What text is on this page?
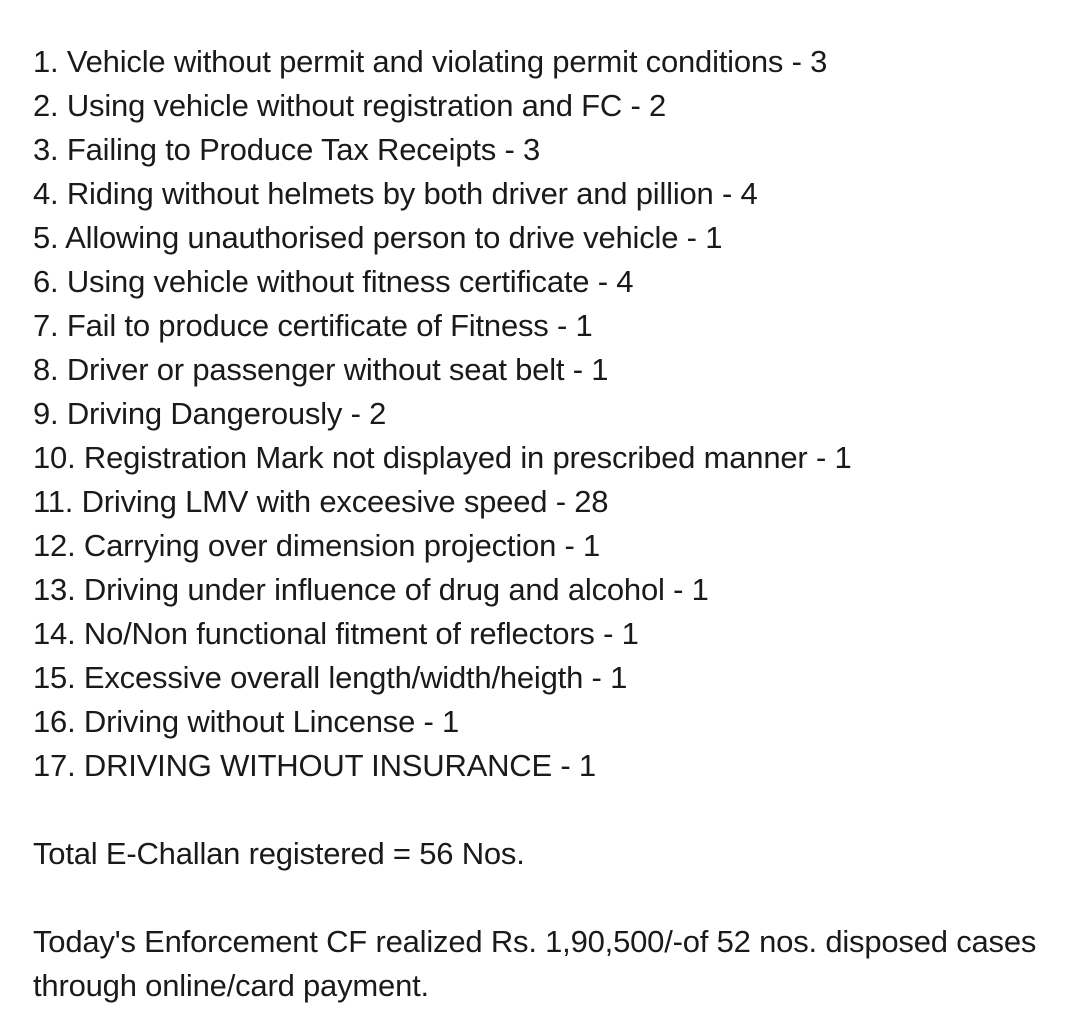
1. Vehicle without permit and violating permit conditions - 3
2. Using vehicle without registration and FC - 2
3. Failing to Produce Tax Receipts - 3
4. Riding without helmets by both driver and pillion - 4
5. Allowing unauthorised person to drive vehicle - 1
6. Using vehicle without fitness certificate - 4
7. Fail to produce certificate of Fitness - 1
8. Driver or passenger without seat belt - 1
9. Driving Dangerously - 2
10. Registration Mark not displayed in prescribed manner - 1
11. Driving LMV with exceesive speed - 28
12. Carrying over dimension projection - 1
13. Driving under influence of drug and alcohol - 1
14. No/Non functional fitment of reflectors - 1
15. Excessive overall length/width/heigth - 1
16. Driving without Lincense - 1
17. DRIVING WITHOUT INSURANCE - 1

Total E-Challan registered = 56 Nos.

Today's Enforcement CF realized Rs. 1,90,500/-of 52 nos. disposed cases through online/card payment.
